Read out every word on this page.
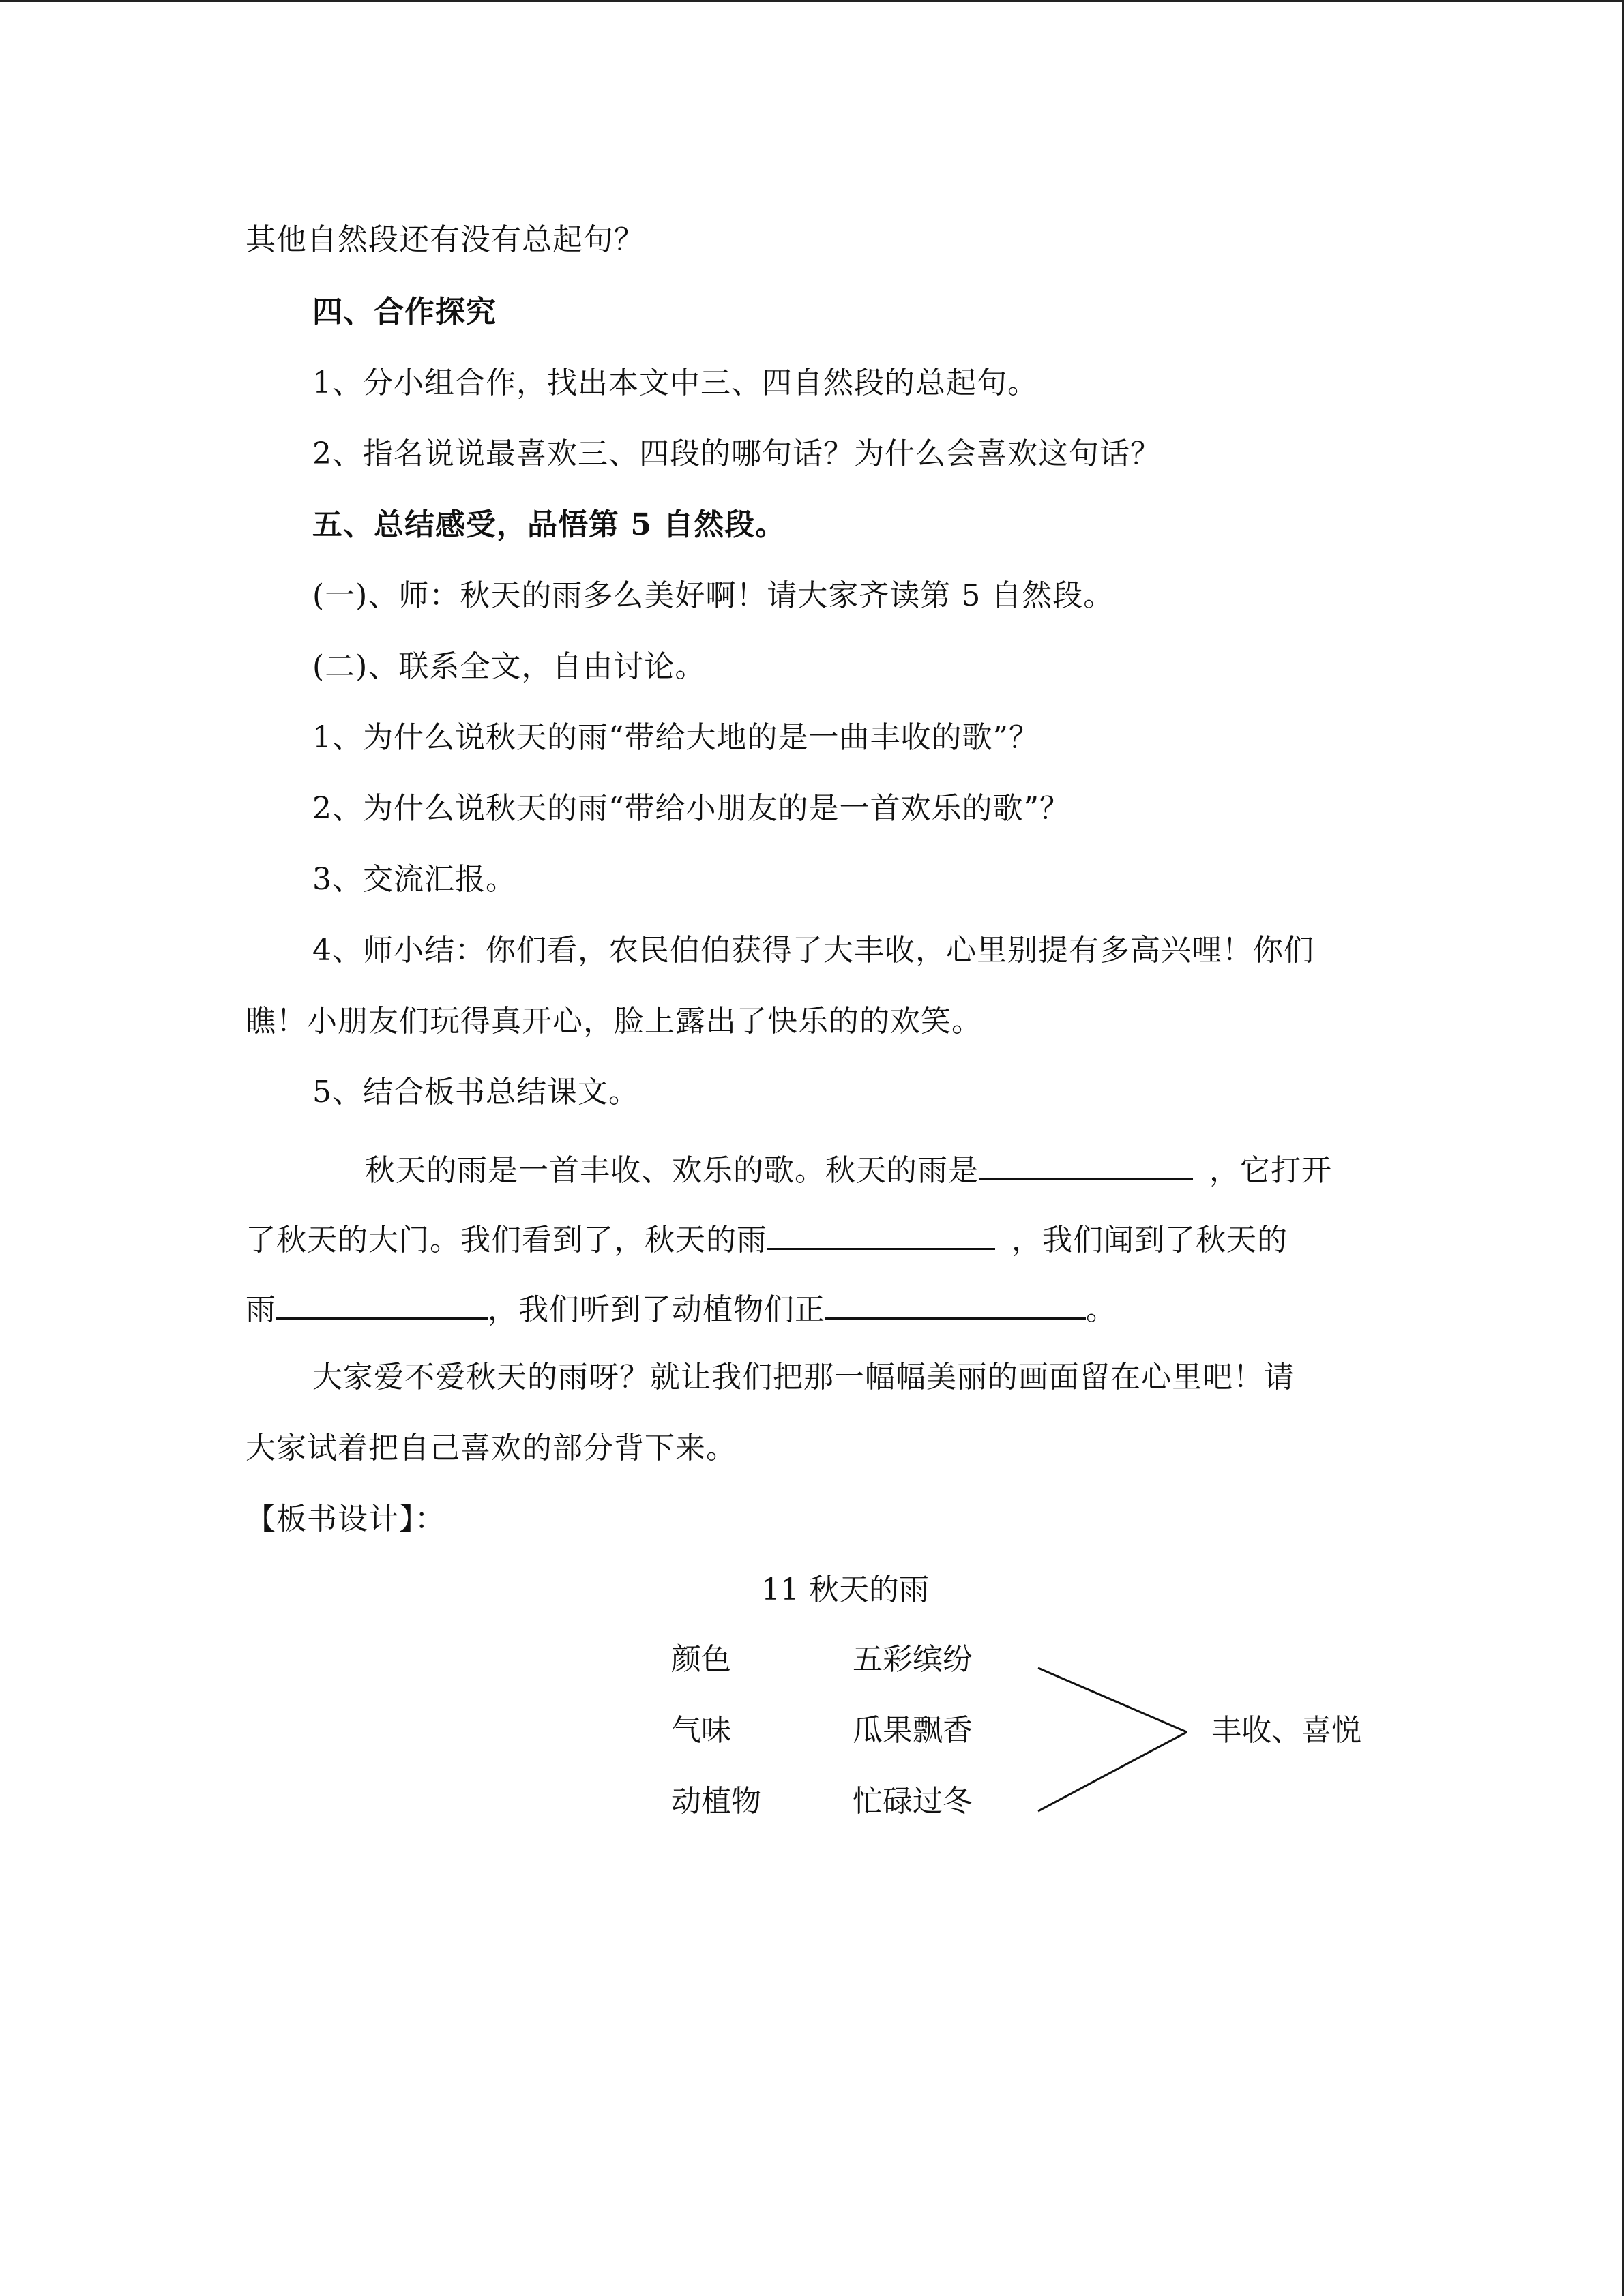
其他自然段还有没有总起句？
四、合作探究
1、分小组合作，找出本文中三、四自然段的总起句。
2、指名说说最喜欢三、四段的哪句话？为什么会喜欢这句话？
五、总结感受，品悟第 5 自然段。
(一)、师：秋天的雨多么美好啊！请大家齐读第 5 自然段。
(二)、联系全文，自由讨论。
1、为什么说秋天的雨“带给大地的是一曲丰收的歌”？
2、为什么说秋天的雨“带给小朋友的是一首欢乐的歌”？
3、交流汇报。
4、师小结：你们看，农民伯伯获得了大丰收，心里别提有多高兴哩！你们
瞧！小朋友们玩得真开心，脸上露出了快乐的的欢笑。
5、结合板书总结课文。
秋天的雨是一首丰收、欢乐的歌。秋天的雨是	，它打开
了秋天的大门。我们看到了，秋天的雨	，我们闻到了秋天的
雨	，我们听到了动植物们正	。
大家爱不爱秋天的雨呀？就让我们把那一幅幅美丽的画面留在心里吧！请
大家试着把自己喜欢的部分背下来。
【板书设计】：
11 秋天的雨
颜色	五彩缤纷
气味	瓜果飘香
动植物	忙碌过冬
丰收、喜悦
